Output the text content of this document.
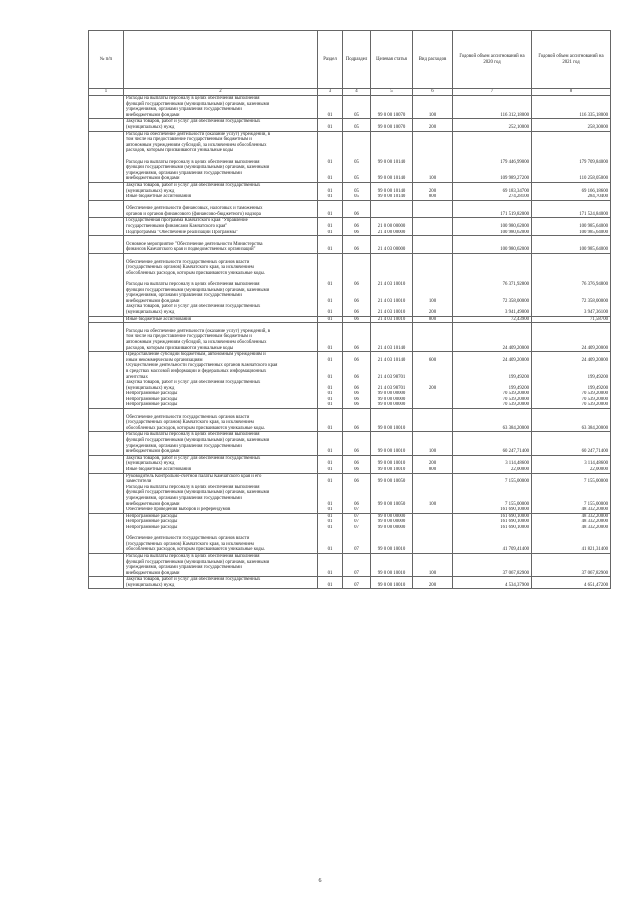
№ п/п		Раздел	Подраздел	Целевая статья	Вид расходов	Годовой объем ассигнований на 2020 год	Годовой объем ассигнований на 2021 год
1	2	3	4	5	6	7	8
	Расходы на выплаты персоналу в целях обеспечения выполнения
функций государственными (муниципальными) органами, казенными
учреждениями, органами управления государственными
внебюджетными фондами	01	05	99 0 00 10070	100	116 312,18000	116 335,18000
	Закупка товаров, работ и услуг для обеспечения государственных
(муниципальных) нужд	01	05	99 0 00 10070	200	252,10000	258,30000
	Расходы на обеспечение деятельности (оказание услуг) учреждений, в
том числе на предоставление государственным бюджетным и
автономным учреждениям субсидий, за исключением обособленных
расходов, которым присваиваются уникальные коды

Расходы на выплаты персоналу в целях обеспечения выполнения	01	05	99 0 00 10140		179 446,99000	179 709,84000
	функций государственными (муниципальными) органами, казенными
учреждениями, органами управления государственными
внебюджетными фондами	01	05	99 0 00 10140	100	109 989,27200	110 258,05000
	Закупка товаров, работ и услуг для обеспечения государственных
(муниципальных) нужд	01	05	99 0 00 10140	200	69 183,34700	69 166,18600
	Иные бюджетные ассигнования	01	05	99 0 00 10140	800	274,28100	284,70400

Обеспечение деятельности финансовых, налоговых и таможенных
органов и органов финансового (финансово-бюджетного) надзора	01	06			171 519,82000	171 524,84000
	Государственная программа Камчатского края "Управление
государственными финансами Камчатского края"	01	06	21 0 00 00000		100 980,62000	100 985,64000
	Подпрограмма "Обеспечение реализации Программы"	01	06	21 4 00 00000		100 980,62000	100 985,64000

Основное мероприятие "Обеспечение деятельности Министерства
финансов Камчатского края и подведомственных организаций"	01	06	21 4 03 00000		100 980,62000	100 985,64000

Обеспечение деятельности государственных органов власти
(государственных органов) Камчатского края, за исключением
обособленных расходов, которым присваиваются уникальные коды.

Расходы на выплаты персоналу в целях обеспечения выполнения	01	06	21 4 03 10010		76 371,92800	76 376,94800
	функций государственными (муниципальными) органами, казенными
учреждениями, органами управления государственными
внебюджетными фондами	01	06	21 4 03 10010	100	72 358,00000	72 358,00000
	Закупка товаров, работ и услуг для обеспечения государственных
(муниципальных) нужд	01	06	21 4 03 10010	200	3 941,49000	3 947,36100
	Иные бюджетные ассигнования	01	06	21 4 03 10010	800	72,43900	71,58700

Расходы на обеспечение деятельности (оказание услуг) учреждений, в
том числе на предоставление государственным бюджетным и
автономным учреждениям субсидий, за исключением обособленных
расходов, которым присваиваются уникальные коды	01	06	21 4 03 10140		24 409,20000	24 409,20000
	Предоставление субсидий бюджетным, автономным учреждениям и
иным некоммерческим организациям	01	06	21 4 03 10140	600	24 409,20000	24 409,20000
	Осуществление деятельности государственных органов Камчатского края
в средствах массовой информации и федеральных информационных
агентствах	01	06	21 4 03 98701		199,49200	199,49200
	Закупка товаров, работ и услуг для обеспечения государственных
(муниципальных) нужд	01	06	21 4 03 98701	200	199,49200	199,49200
	Непрограммные расходы	01	06	99 0 00 00000		70 539,20000	70 539,20000
	Непрограммные расходы	01	06	99 0 00 00000		70 539,20000	70 539,20000
	Непрограммные расходы	01	06	99 0 00 00000		70 539,20000	70 539,20000

Обеспечение деятельности государственных органов власти
(государственных органов) Камчатского края, за исключением
обособленных расходов, которым присваиваются уникальные коды.	01	06	99 0 00 10010		63 384,20000	63 384,20000
	Расходы на выплаты персоналу в целях обеспечения выполнения
функций государственными (муниципальными) органами, казенными
учреждениями, органами управления государственными
внебюджетными фондами	01	06	99 0 00 10010	100	60 247,71400	60 247,71400
	Закупка товаров, работ и услуг для обеспечения государственных
(муниципальных) нужд	01	06	99 0 00 10010	200	3 114,48600	3 114,48600
	Иные бюджетные ассигнования	01	06	99 0 00 10010	800	22,00000	22,00000
	Руководитель Контрольно-счетной палаты Камчатского края и его
заместители	01	06	99 0 00 10050		7 155,00000	7 155,00000
	Расходы на выплаты персоналу в целях обеспечения выполнения
функций государственными (муниципальными) органами, казенными
учреждениями, органами управления государственными
внебюджетными фондами	01	06	99 0 00 10050	100	7 155,00000	7 155,00000
	Обеспечение проведения выборов и референдумов	01	07			161 690,10000	48 332,20000
	Непрограммные расходы	01	07	99 0 00 00000		161 690,10000	48 332,20000
	Непрограммные расходы	01	07	99 0 00 00000		161 690,10000	48 332,20000
	Непрограммные расходы	01	07	99 0 00 00000		161 690,10000	48 332,20000

Обеспечение деятельности государственных органов власти
(государственных органов) Камчатского края, за исключением
обособленных расходов, которым присваиваются уникальные коды.	01	07	99 0 00 10010		41 709,41400	41 821,31400
	Расходы на выплаты персоналу в целях обеспечения выполнения
функций государственными (муниципальными) органами, казенными
учреждениями, органами управления государственными
внебюджетными фондами	01	07	99 0 00 10010	100	37 067,82900	37 067,82900
	Закупка товаров, работ и услуг для обеспечения государственных
(муниципальных) нужд	01	07	99 0 00 10010	200	4 534,37900	4 651,47200
6
